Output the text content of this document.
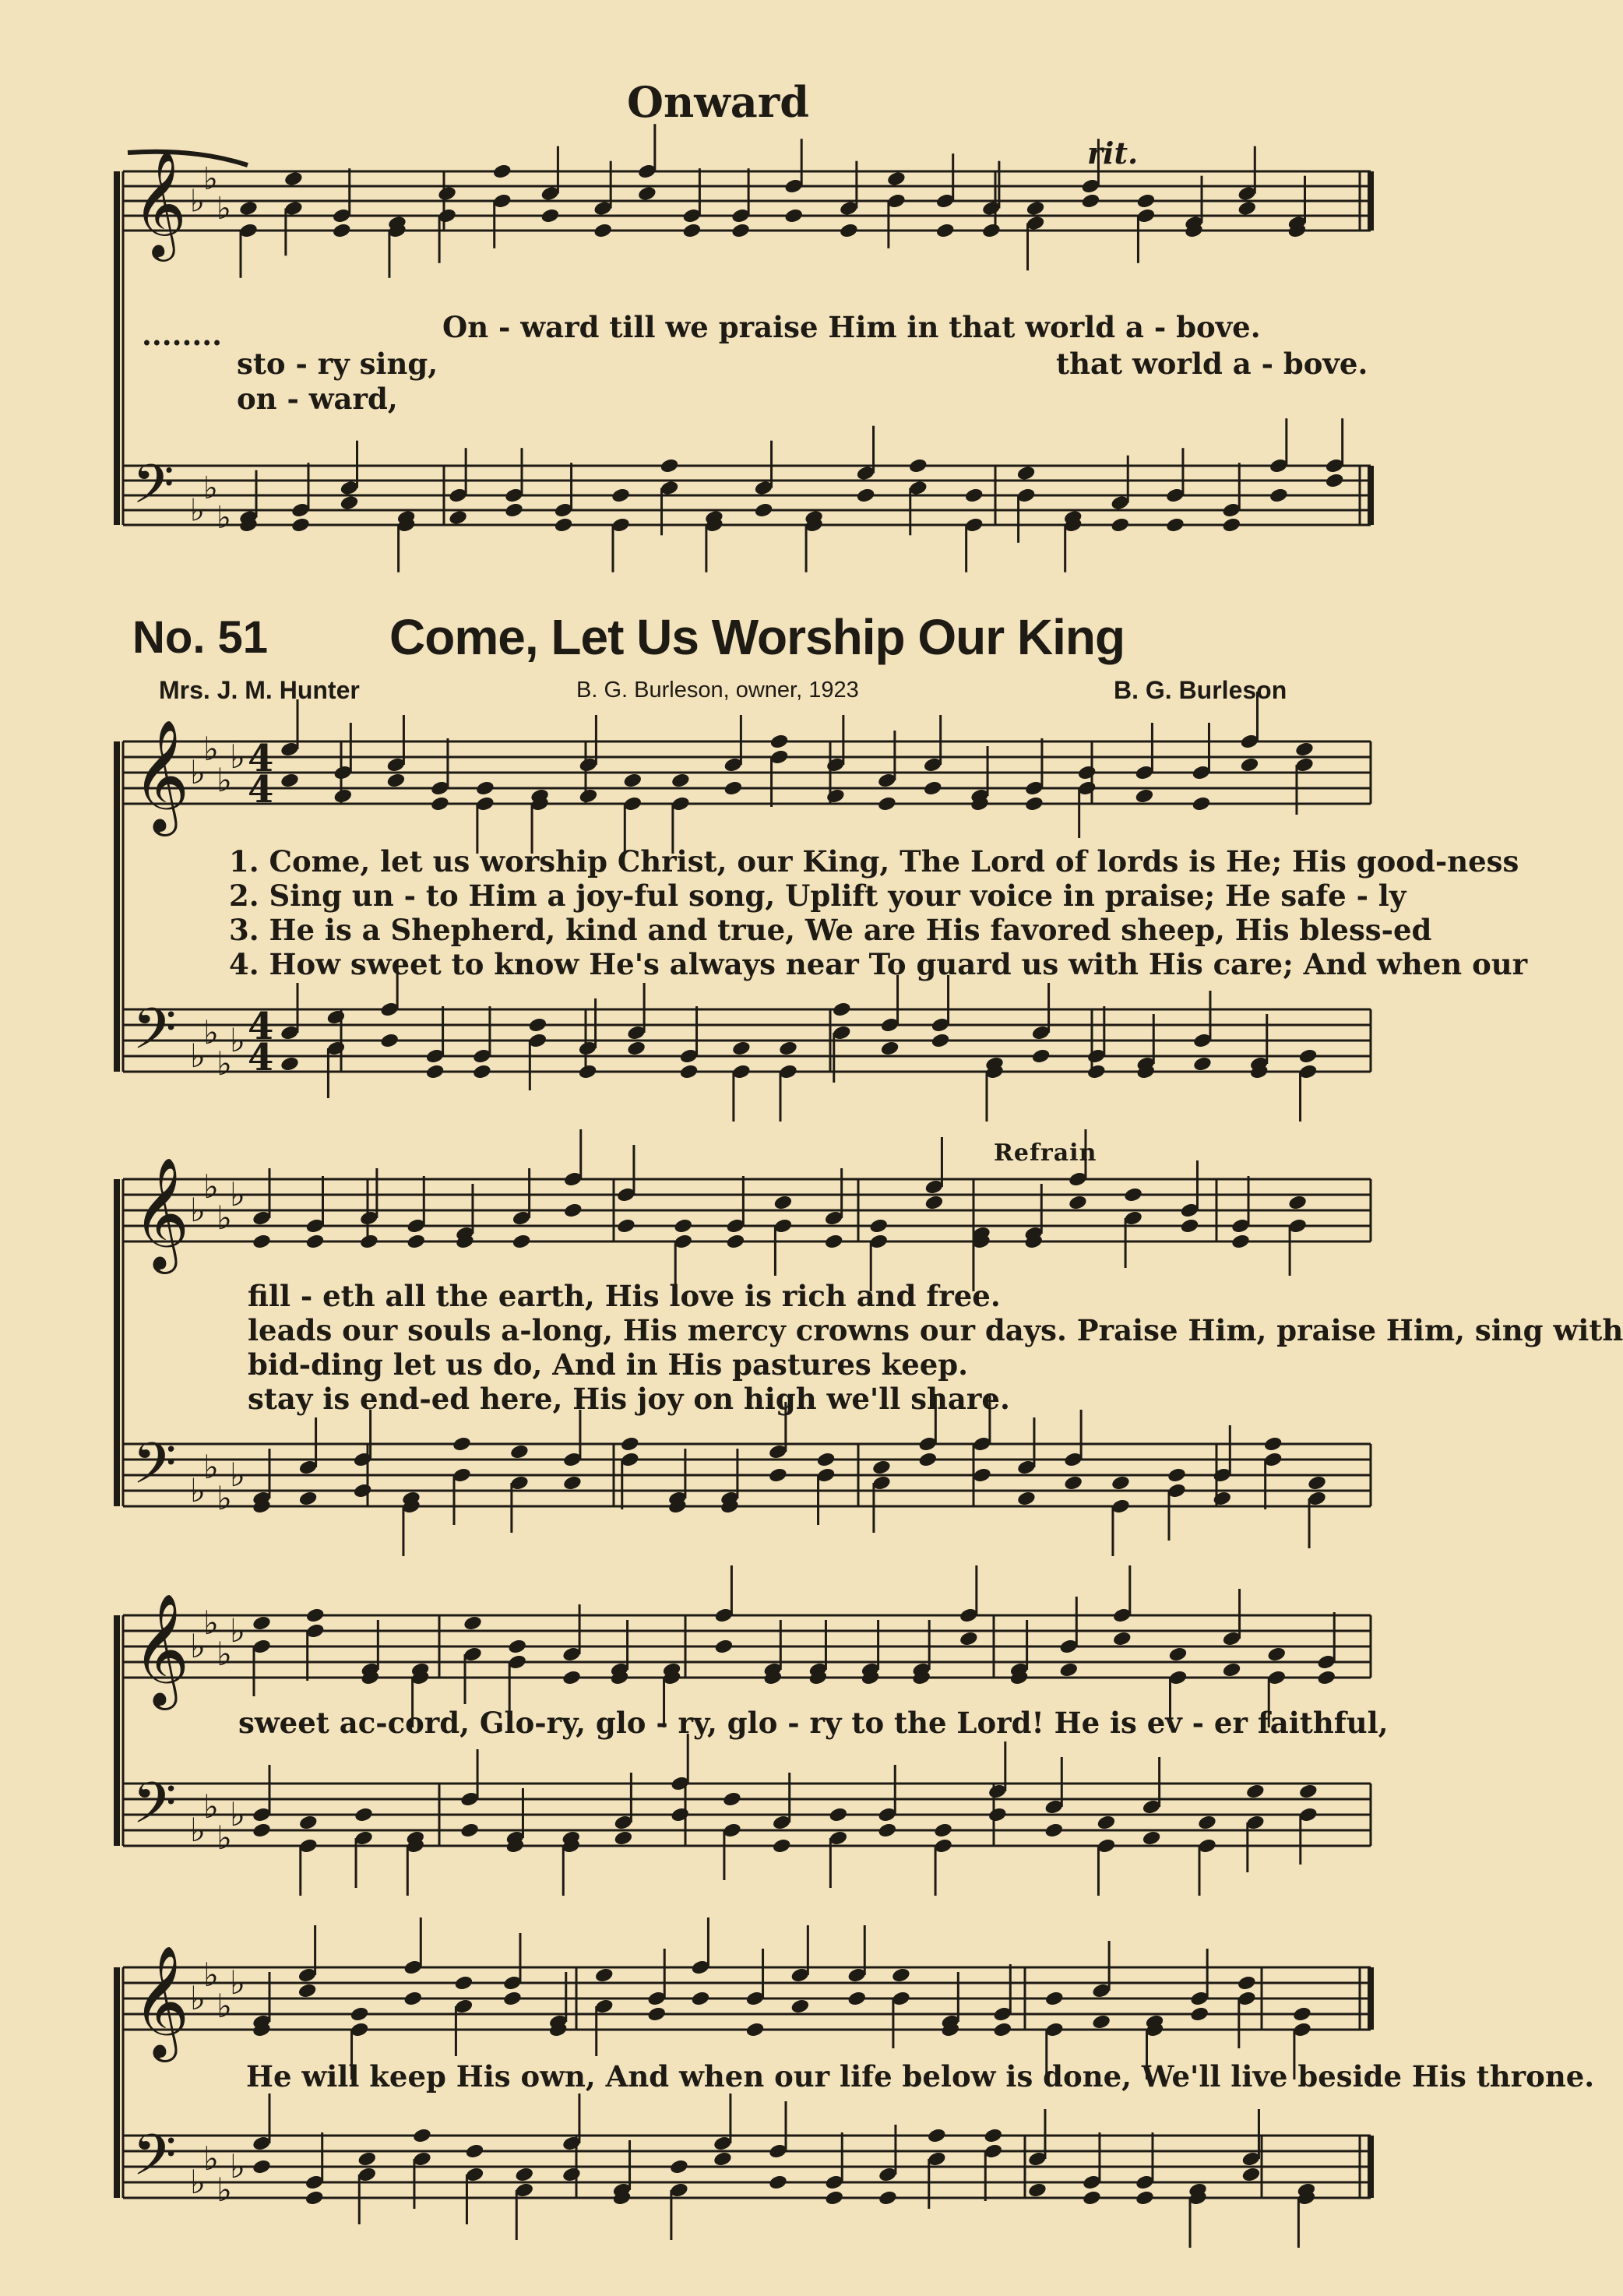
𝄞
𝄢
♭
♭
♭
♭
♭
♭
𝄞
𝄢
♭
♭
♭
♭
♭
♭
♭
♭
4
4
4
4
𝄞
𝄢
♭
♭
♭
♭
♭
♭
♭
♭
𝄞
𝄢
♭
♭
♭
♭
♭
♭
♭
♭
𝄞
𝄢
♭
♭
♭
♭
♭
♭
♭
♭
Onward
rit.
........	On - ward till we praise Him in that world a - bove.
sto - ry sing,	that world a - bove.
on - ward,
No. 51 Come, Let Us Worship Our King
Mrs. J. M. Hunter	B. G. Burleson, owner, 1923	B. G. Burleson
1. Come, let us worship Christ, our King, The Lord of lords is He; His good-ness
2. Sing un - to Him a joy-ful song, Uplift your voice in praise; He safe - ly
3. He is a Shepherd, kind and true, We are His favored sheep, His bless-ed
4. How sweet to know He's always near To guard us with His care; And when our
Refrain
fill - eth all the earth, His love is rich and free.
leads our souls a-long, His mercy crowns our days. Praise Him, praise Him, sing with
bid-ding let us do, And in His pastures keep.
stay is end-ed here, His joy on high we'll share.
sweet ac-cord, Glo-ry, glo - ry, glo - ry to the Lord! He is ev - er faithful,
He will keep His own, And when our life below is done, We'll live beside His throne.
